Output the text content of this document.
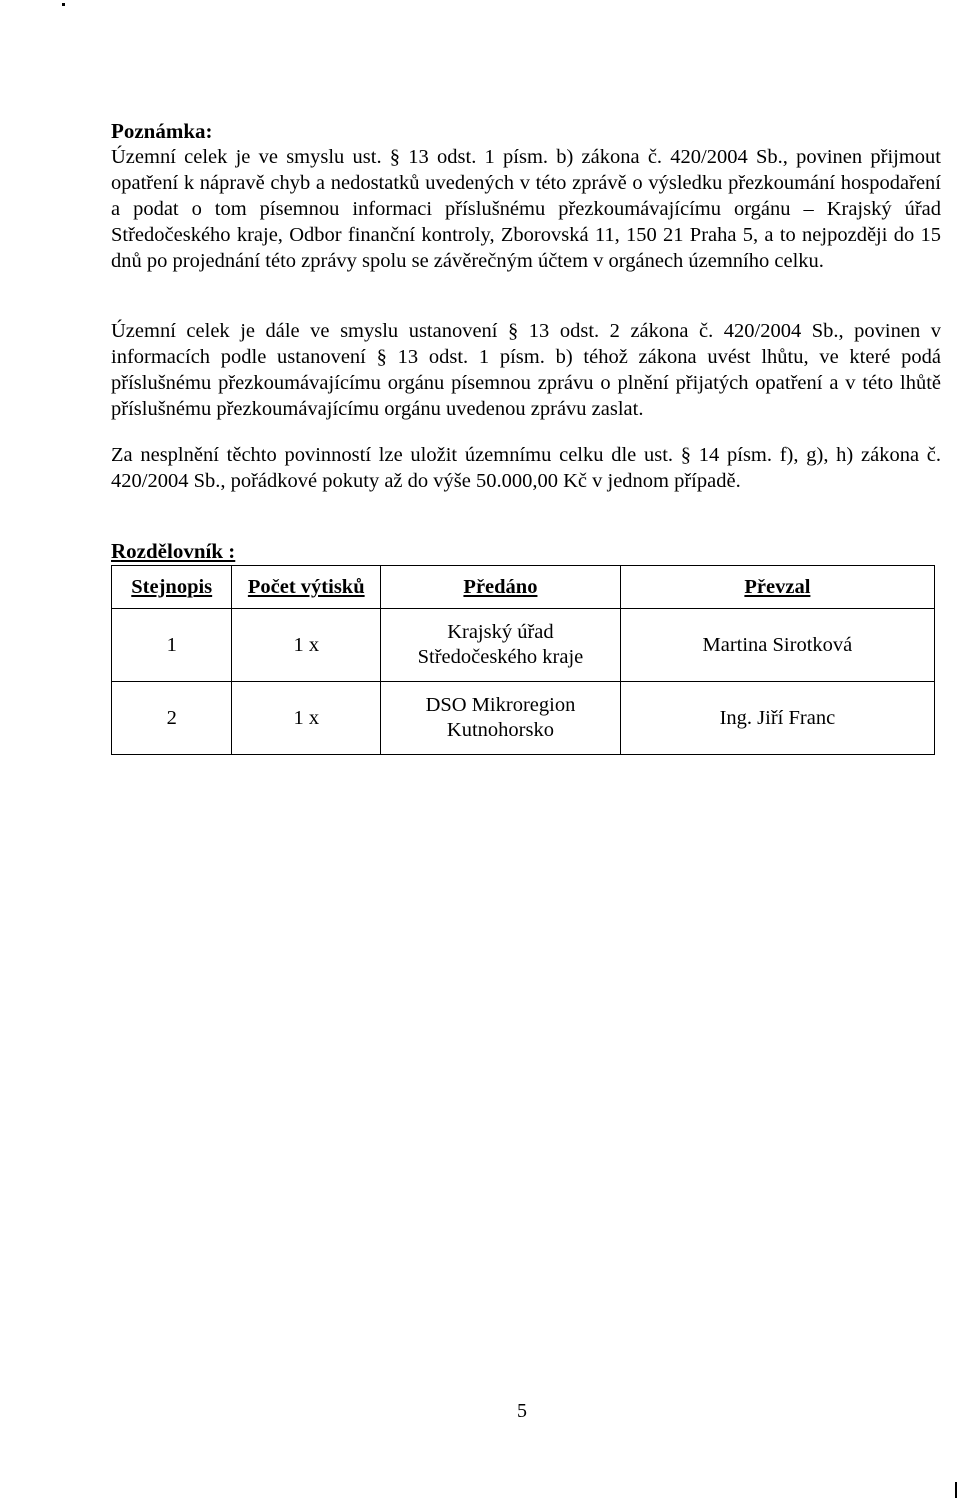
Poznámka:

Územní celek je ve smyslu ust. § 13 odst. 1 písm. b) zákona č. 420/2004 Sb., povinen přijmout opatření k nápravě chyb a nedostatků uvedených v této zprávě o výsledku přezkoumání hospodaření a podat o tom písemnou informaci příslušnému přezkoumávajícímu orgánu – Krajský úřad Středočeského kraje, Odbor finanční kontroly, Zborovská 11, 150 21 Praha 5, a to nejpozději do 15 dnů po projednání této zprávy spolu se závěrečným účtem v orgánech územního celku.

Územní celek je dále ve smyslu ustanovení § 13 odst. 2 zákona č. 420/2004 Sb., povinen v informacích podle ustanovení § 13 odst. 1 písm. b) téhož zákona uvést lhůtu, ve které podá příslušnému přezkoumávajícímu orgánu písemnou zprávu o plnění přijatých opatření a v této lhůtě příslušnému přezkoumávajícímu orgánu uvedenou zprávu zaslat.

Za nesplnění těchto povinností lze uložit územnímu celku dle ust. § 14 písm. f), g), h) zákona č. 420/2004 Sb., pořádkové pokuty až do výše 50.000,00 Kč v jednom případě.

Rozdělovník :
Stejnopis	Počet výtisků	Předáno	Převzal
1	1 x	Krajský úřad Středočeského kraje	Martina Sirotková
2	1 x	DSO Mikroregion Kutnohorsko	Ing. Jiří Franc
5
